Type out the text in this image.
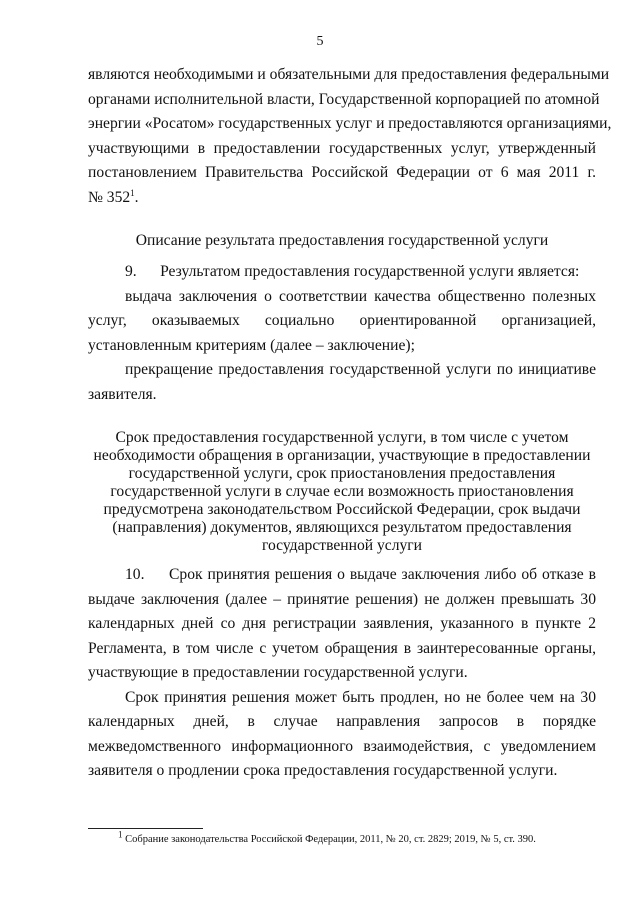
5
являются необходимыми и обязательными для предоставления федеральными
органами исполнительной власти, Государственной корпорацией по атомной
энергии «Росатом» государственных услуг и предоставляются организациями,
участвующими в предоставлении государственных услуг, утвержденный
постановлением Правительства Российской Федерации от 6 мая 2011 г.
№ $352^1$.
Описание результата предоставления государственной услуги
9.      Результатом предоставления государственной услуги является:
выдача заключения о соответствии качества общественно полезных
услуг, оказываемых социально ориентированной организацией,
установленным критериям (далее – заключение);
прекращение предоставления государственной услуги по инициативе
заявителя.
Срок предоставления государственной услуги, в том числе с учетом
необходимости обращения в организации, участвующие в предоставлении
государственной услуги, срок приостановления предоставления
государственной услуги в случае если возможность приостановления
предусмотрена законодательством Российской Федерации, срок выдачи
(направления) документов, являющихся результатом предоставления
государственной услуги
10.     Срок принятия решения о выдаче заключения либо об отказе в
выдаче заключения (далее – принятие решения) не должен превышать 30
календарных дней со дня регистрации заявления, указанного в пункте 2
Регламента, в том числе с учетом обращения в заинтересованные органы,
участвующие в предоставлении государственной услуги.
Срок принятия решения может быть продлен, но не более чем на 30
календарных дней, в случае направления запросов в порядке
межведомственного информационного взаимодействия, с уведомлением
заявителя о продлении срока предоставления государственной услуги.
$^1$ Собрание законодательства Российской Федерации, 2011, № 20, ст. 2829; 2019, № 5, ст. 390.
